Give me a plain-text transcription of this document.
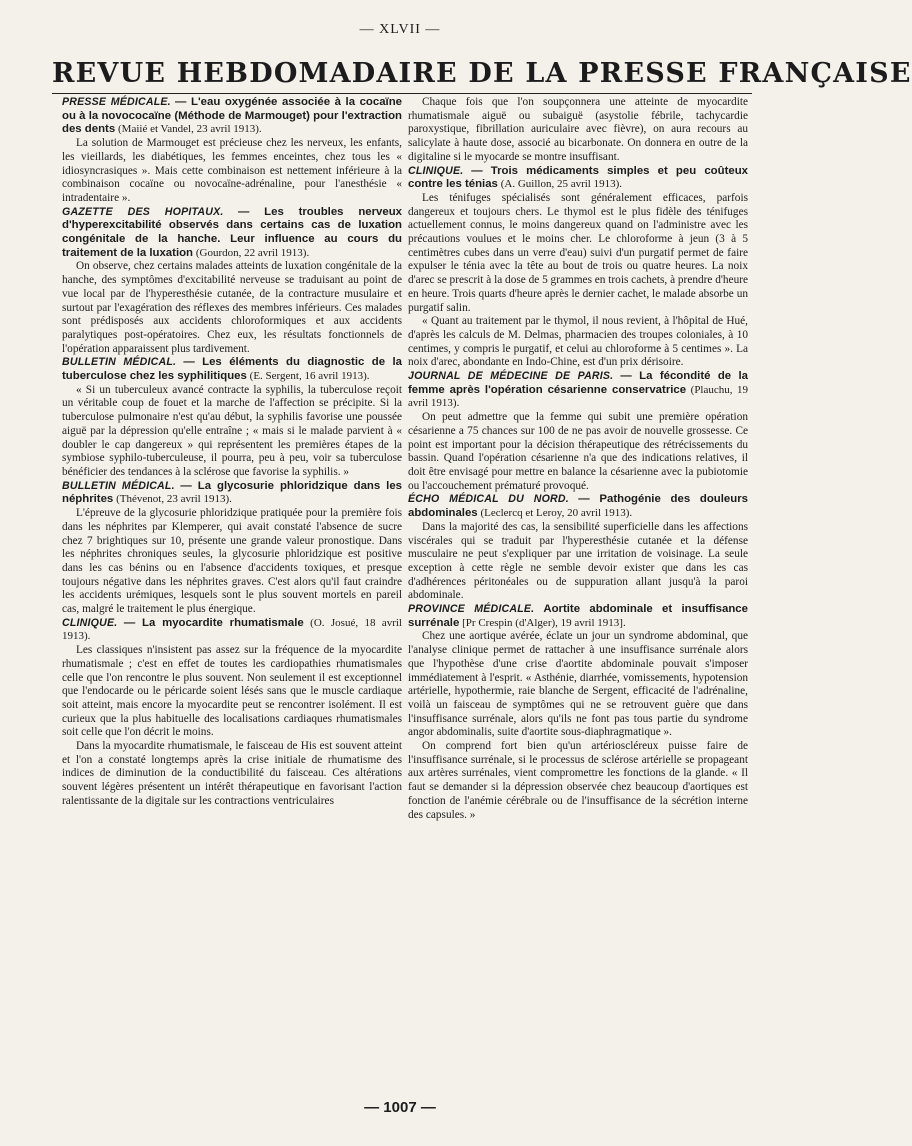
— XLVII —
REVUE HEBDOMADAIRE DE LA PRESSE FRANÇAISE

PRESSE MÉDICALE. — L'eau oxygénée associée à la cocaïne ou à la novococaïne (Méthode de Marmouget) pour l'extraction des dents (Maiié et Vandel, 23 avril 1913).

La solution de Marmouget est précieuse chez les nerveux, les enfants, les vieillards, les diabétiques, les femmes enceintes, chez tous les « idiosyncrasiques ». Mais cette combinaison est nettement inférieure à la combinaison cocaïne ou novocaïne-adrénaline, pour l'anesthésie « intradentaire ».

GAZETTE DES HOPITAUX. — Les troubles nerveux d'hyperexcitabilité observés dans certains cas de luxation congénitale de la hanche. Leur influence au cours du traitement de la luxation (Gourdon, 22 avril 1913).

On observe, chez certains malades atteints de luxation congénitale de la hanche, des symptômes d'excitabilité nerveuse se traduisant au point de vue local par de l'hyperesthésie cutanée, de la contracture musulaire et surtout par l'exagération des réflexes des membres inférieurs. Ces malades sont prédisposés aux accidents chloroformiques et aux accidents paralytiques post-opératoires. Chez eux, les résultats fonctionnels de l'opération apparaissent plus tardivement.

BULLETIN MÉDICAL. — Les éléments du diagnostic de la tuberculose chez les syphilitiques (E. Sergent, 16 avril 1913).

« Si un tuberculeux avancé contracte la syphilis, la tuberculose reçoit un véritable coup de fouet et la marche de l'affection se précipite. Si la tuberculose pulmonaire n'est qu'au début, la syphilis favorise une poussée aiguë par la dépression qu'elle entraîne ; « mais si le malade parvient à « doubler le cap dangereux » qui représentent les premières étapes de la symbiose syphilo-tuberculeuse, il pourra, peu à peu, voir sa tuberculose bénéficier des tendances à la sclérose que favorise la syphilis. »

BULLETIN MÉDICAL. — La glycosurie phloridzique dans les néphrites (Thévenot, 23 avril 1913).

L'épreuve de la glycosurie phloridzique pratiquée pour la première fois dans les néphrites par Klemperer, qui avait constaté l'absence de sucre chez 7 brightiques sur 10, présente une grande valeur pronostique. Dans les néphrites chroniques seules, la glycosurie phloridzique est positive dans les cas bénins ou en l'absence d'accidents toxiques, et presque toujours négative dans les néphrites graves. C'est alors qu'il faut craindre les accidents urémiques, lesquels sont le plus souvent mortels en pareil cas, malgré le traitement le plus énergique.

CLINIQUE. — La myocardite rhumatismale (O. Josué, 18 avril 1913).

Les classiques n'insistent pas assez sur la fréquence de la myocardite rhumatismale ; c'est en effet de toutes les cardiopathies rhumatismales celle que l'on rencontre le plus souvent. Non seulement il est exceptionnel que l'endocarde ou le péricarde soient lésés sans que le muscle cardiaque soit atteint, mais encore la myocardite peut se rencontrer isolément. Il est curieux que la plus habituelle des localisations cardiaques rhumatismales soit celle que l'on décrit le moins.

Dans la myocardite rhumatismale, le faisceau de His est souvent atteint et l'on a constaté longtemps après la crise initiale de rhumatisme des indices de diminution de la conductibilité du faisceau. Ces altérations souvent légères présentent un intérêt thérapeutique en favorisant l'action ralentissante de la digitale sur les contractions ventriculaires

Chaque fois que l'on soupçonnera une atteinte de myocardite rhumatismale aiguë ou subaiguë (asystolie fébrile, tachycardie paroxystique, fibrillation auriculaire avec fièvre), on aura recours au salicylate à haute dose, associé au bicarbonate. On donnera en outre de la digitaline si le myocarde se montre insuffisant.

CLINIQUE. — Trois médicaments simples et peu coûteux contre les ténias (A. Guillon, 25 avril 1913).

Les ténifuges spécialisés sont généralement efficaces, parfois dangereux et toujours chers. Le thymol est le plus fidèle des ténifuges actuellement connus, le moins dangereux quand on l'administre avec les précautions voulues et le moins cher. Le chloroforme à jeun (3 à 5 centimètres cubes dans un verre d'eau) suivi d'un purgatif permet de faire expulser le ténia avec la tête au bout de trois ou quatre heures. La noix d'arec se prescrit à la dose de 5 grammes en trois cachets, à prendre d'heure en heure. Trois quarts d'heure après le dernier cachet, le malade absorbe un purgatif salin.

« Quant au traitement par le thymol, il nous revient, à l'hôpital de Hué, d'après les calculs de M. Delmas, pharmacien des troupes coloniales, à 10 centimes, y compris le purgatif, et celui au chloroforme à 5 centimes ». La noix d'arec, abondante en Indo-Chine, est d'un prix dérisoire.

JOURNAL DE MÉDECINE DE PARIS. — La fécondité de la femme après l'opération césarienne conservatrice (Plauchu, 19 avril 1913).

On peut admettre que la femme qui subit une première opération césarienne a 75 chances sur 100 de ne pas avoir de nouvelle grossesse. Ce point est important pour la décision thérapeutique des rétrécissements du bassin. Quand l'opération césarienne n'a que des indications relatives, il doit être envisagé pour mettre en balance la césarienne avec la pubiotomie ou l'accouchement prématuré provoqué.

ÉCHO MÉDICAL DU NORD. — Pathogénie des douleurs abdominales (Leclercq et Leroy, 20 avril 1913).

Dans la majorité des cas, la sensibilité superficielle dans les affections viscérales qui se traduit par l'hyperesthésie cutanée et la défense musculaire ne peut s'expliquer par une irritation de voisinage. La seule exception à cette règle ne semble devoir exister que dans les cas d'adhérences péritonéales ou de suppuration allant jusqu'à la paroi abdominale.

PROVINCE MÉDICALE. Aortite abdominale et insuffisance surrénale [Pr Crespin (d'Alger), 19 avril 1913].

Chez une aortique avérée, éclate un jour un syndrome abdominal, que l'analyse clinique permet de rattacher à une insuffisance surrénale alors que l'hypothèse d'une crise d'aortite abdominale pouvait s'imposer immédiatement à l'esprit. « Asthénie, diarrhée, vomissements, hypotension artérielle, hypothermie, raie blanche de Sergent, efficacité de l'adrénaline, voilà un faisceau de symptômes qui ne se retrouvent guère que dans l'insuffisance surrénale, alors qu'ils ne font pas tous partie du syndrome angor abdominalis, suite d'aortite sous-diaphragmatique ».

On comprend fort bien qu'un artérioscléreux puisse faire de l'insuffisance surrénale, si le processus de sclérose artérielle se propageant aux artères surrénales, vient compromettre les fonctions de la glande. « Il faut se demander si la dépression observée chez beaucoup d'aortiques est fonction de l'anémie cérébrale ou de l'insuffisance de la sécrétion interne des capsules. »

— 1007 —
